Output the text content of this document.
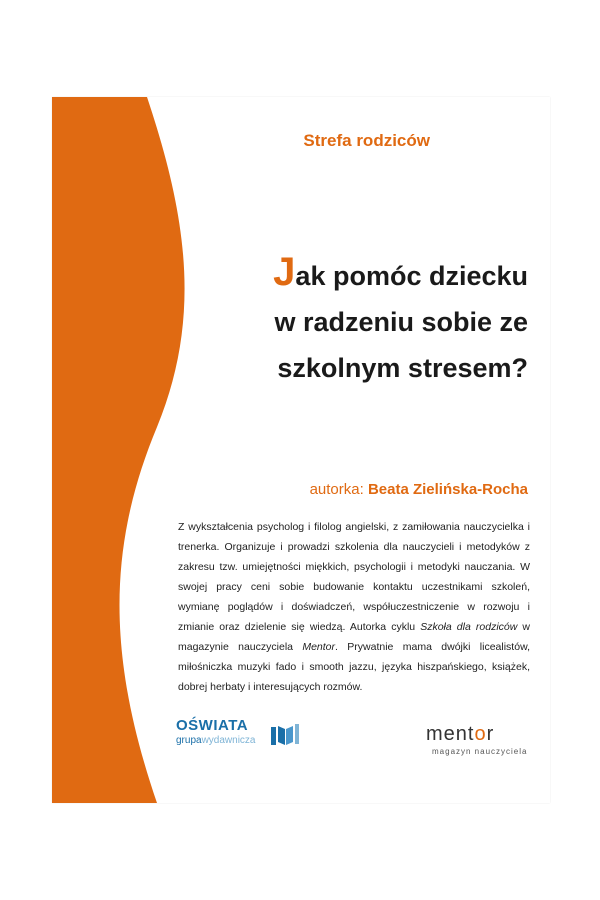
Strefa rodziców

Jak pomóc dziecku
w radzeniu sobie ze
szkolnym stresem?

autorka: Beata Zielińska-Rocha

Z wykształcenia psycholog i filolog angielski, z zamiłowania nauczycielka i trenerka. Organizuje i prowadzi szkolenia dla nauczycieli i metodyków z zakresu tzw. umiejętności miękkich, psychologii i metodyki nauczania. W swojej pracy ceni sobie budowanie kontaktu uczestnikami szkoleń, wymianę poglądów i doświadczeń, współuczestniczenie w rozwoju i zmianie oraz dzielenie się wiedzą. Autorka cyklu Szkoła dla rodziców w magazynie nauczyciela Mentor. Prywatnie mama dwójki licealistów, miłośniczka muzyki fado i smooth jazzu, języka hiszpańskiego, książek, dobrej herbaty i interesujących rozmów.

OŚWIATA
grupawydawnicza	mentor
magazyn nauczyciela
